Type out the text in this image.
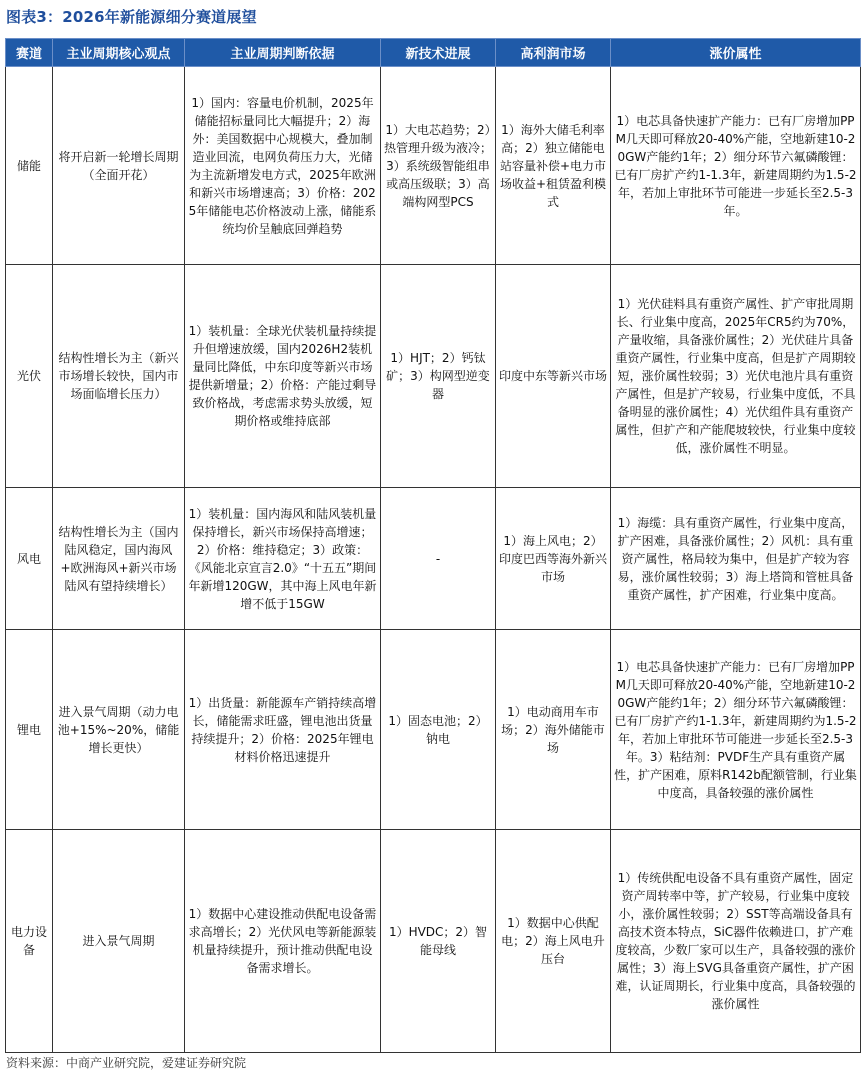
图表3：2026年新能源细分赛道展望
赛道	主业周期核心观点	主业周期判断依据	新技术进展	高利润市场	涨价属性
储能	将开启新一轮增长周期（全面开花）	1）国内：容量电价机制，2025年储能招标量同比大幅提升；2）海外：美国数据中心规模大，叠加制造业回流，电网负荷压力大，光储为主流新增发电方式，2025年欧洲和新兴市场增速高；3）价格：2025年储能电芯价格波动上涨，储能系统均价呈触底回弹趋势	1）大电芯趋势；2）热管理升级为液冷；3）系统级智能组串或高压级联；3）高端构网型PCS	1）海外大储毛利率高；2）独立储能电站容量补偿+电力市场收益+租赁盈利模式	1）电芯具备快速扩产能力：已有厂房增加PPM几天即可释放20-40%产能，空地新建10-20GW产能约1年；2）细分环节六氟磷酸锂：已有厂房扩产约1-1.3年，新建周期约为1.5-2年，若加上审批环节可能进一步延长至2.5-3年。
光伏	结构性增长为主（新兴市场增长较快，国内市场面临增长压力）	1）装机量：全球光伏装机量持续提升但增速放缓，国内2026H2装机量同比降低，中东印度等新兴市场提供新增量；2）价格：产能过剩导致价格战，考虑需求势头放缓，短期价格或维持底部	1）HJT；2）钙钛矿；3）构网型逆变器	印度中东等新兴市场	1）光伏硅料具有重资产属性、扩产审批周期长、行业集中度高，2025年CR5约为70%，产量收缩，具备涨价属性；2）光伏硅片具备重资产属性，行业集中度高，但是扩产周期较短，涨价属性较弱；3）光伏电池片具有重资产属性，但是扩产较易，行业集中度低，不具备明显的涨价属性；4）光伏组件具有重资产属性，但扩产和产能爬坡较快，行业集中度较低，涨价属性不明显。
风电	结构性增长为主（国内陆风稳定，国内海风+欧洲海风+新兴市场陆风有望持续增长）	1）装机量：国内海风和陆风装机量保持增长，新兴市场保持高增速；2）价格：维持稳定；3）政策：《风能北京宣言2.0》“十五五”期间年新增120GW，其中海上风电年新增不低于15GW	-	1）海上风电；2）印度巴西等海外新兴市场	1）海缆：具有重资产属性，行业集中度高，扩产困难，具备涨价属性；2）风机：具有重资产属性，格局较为集中，但是扩产较为容易，涨价属性较弱；3）海上塔筒和管桩具备重资产属性，扩产困难，行业集中度高。
锂电	进入景气周期（动力电池+15%~20%，储能增长更快）	1）出货量：新能源车产销持续高增长，储能需求旺盛，锂电池出货量持续提升；2）价格：2025年锂电材料价格迅速提升	1）固态电池；2）钠电	1）电动商用车市场；2）海外储能市场	1）电芯具备快速扩产能力：已有厂房增加PPM几天即可释放20-40%产能，空地新建10-20GW产能约1年；2）细分环节六氟磷酸锂：已有厂房扩产约1-1.3年，新建周期约为1.5-2年，若加上审批环节可能进一步延长至2.5-3年。3）粘结剂：PVDF生产具有重资产属性，扩产困难，原料R142b配额管制，行业集中度高，具备较强的涨价属性
电力设备	进入景气周期	1）数据中心建设推动供配电设备需求高增长；2）光伏风电等新能源装机量持续提升，预计推动供配电设备需求增长。	1）HVDC；2）智能母线	1）数据中心供配电；2）海上风电升压台	1）传统供配电设备不具有重资产属性，固定资产周转率中等，扩产较易，行业集中度较小，涨价属性较弱；2）SST等高端设备具有高技术资本特点，SiC器件依赖进口，扩产难度较高，少数厂家可以生产，具备较强的涨价属性；3）海上SVG具备重资产属性，扩产困难，认证周期长，行业集中度高，具备较强的涨价属性
资料来源：中商产业研究院，爱建证券研究院
